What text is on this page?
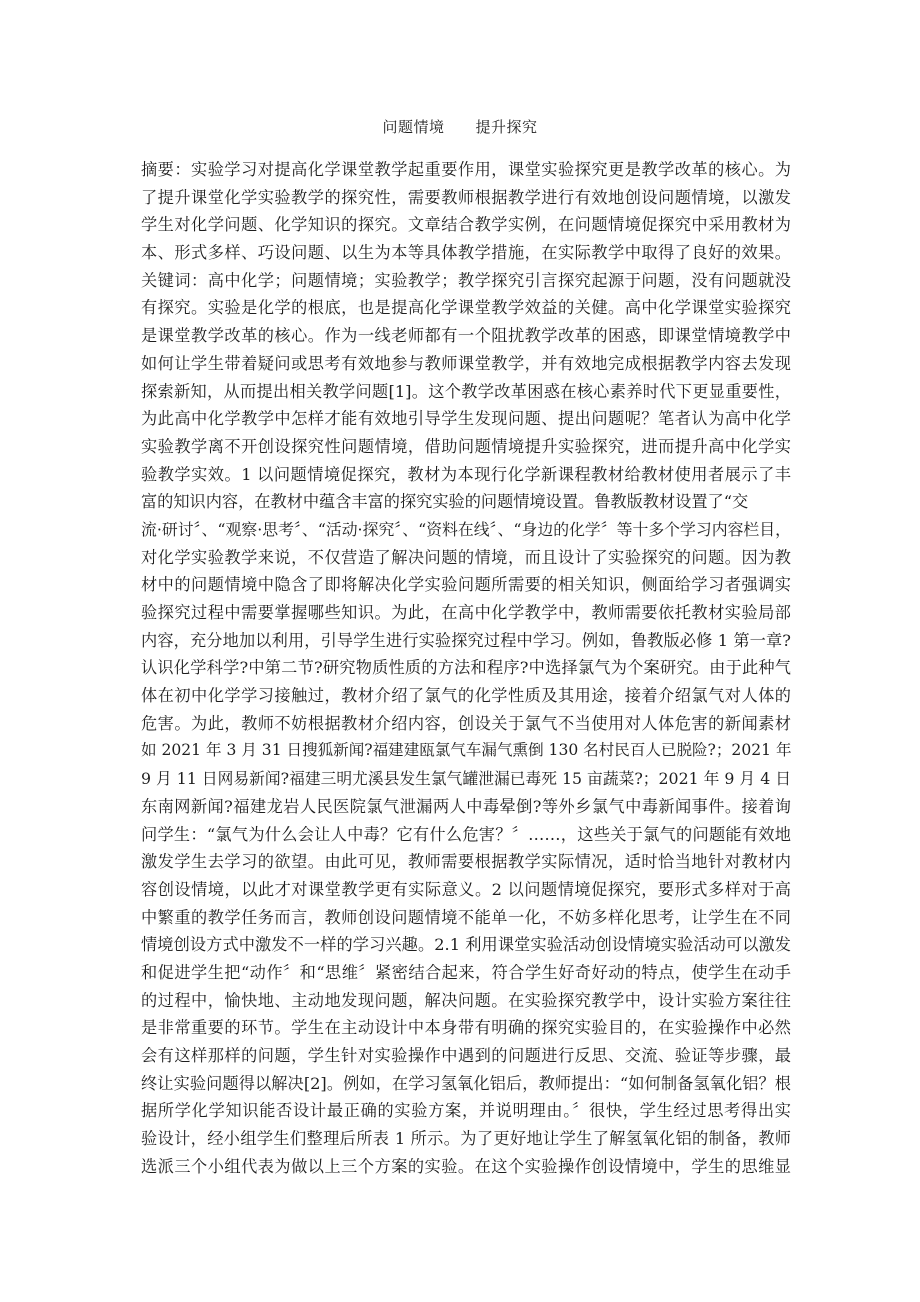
问题情境　　提升探究
摘要：实验学习对提高化学课堂教学起重要作用，课堂实验探究更是教学改革的核心。为
了提升课堂化学实验教学的探究性，需要教师根据教学进行有效地创设问题情境，以激发
学生对化学问题、化学知识的探究。文章结合教学实例，在问题情境促探究中采用教材为
本、形式多样、巧设问题、以生为本等具体教学措施，在实际教学中取得了良好的效果。
关键词：高中化学；问题情境；实验教学；教学探究引言探究起源于问题，没有问题就没
有探究。实验是化学的根底，也是提高化学课堂教学效益的关健。高中化学课堂实验探究
是课堂教学改革的核心。作为一线老师都有一个阻扰教学改革的困惑，即课堂情境教学中
如何让学生带着疑问或思考有效地参与教师课堂教学，并有效地完成根据教学内容去发现
探索新知，从而提出相关教学问题[1]。这个教学改革困惑在核心素养时代下更显重要性，
为此高中化学教学中怎样才能有效地引导学生发现问题、提出问题呢？笔者认为高中化学
实验教学离不开创设探究性问题情境，借助问题情境提升实验探究，进而提升高中化学实
验教学实效。1 以问题情境促探究，教材为本现行化学新课程教材给教材使用者展示了丰
富的知识内容，在教材中蕴含丰富的探究实验的问题情境设置。鲁教版教材设置了“交
流·研讨〞、“观察·思考〞、“活动·探究〞、“资料在线〞、“身边的化学〞等十多个学习内容栏目，
对化学实验教学来说，不仅营造了解决问题的情境，而且设计了实验探究的问题。因为教
材中的问题情境中隐含了即将解决化学实验问题所需要的相关知识，侧面给学习者强调实
验探究过程中需要掌握哪些知识。为此，在高中化学教学中，教师需要依托教材实验局部
内容，充分地加以利用，引导学生进行实验探究过程中学习。例如，鲁教版必修 1 第一章?
认识化学科学?中第二节?研究物质性质的方法和程序?中选择氯气为个案研究。由于此种气
体在初中化学学习接触过，教材介绍了氯气的化学性质及其用途，接着介绍氯气对人体的
危害。为此，教师不妨根据教材介绍内容，创设关于氯气不当使用对人体危害的新闻素材
如 2021 年 3 月 31 日搜狐新闻?福建建瓯氯气车漏气熏倒 130 名村民百人已脱险?；2021 年
9 月 11 日网易新闻?福建三明尤溪县发生氯气罐泄漏已毒死 15 亩蔬菜?；2021 年 9 月 4 日
东南网新闻?福建龙岩人民医院氯气泄漏两人中毒晕倒?等外乡氯气中毒新闻事件。接着询
问学生：“氯气为什么会让人中毒？它有什么危害？〞……，这些关于氯气的问题能有效地
激发学生去学习的欲望。由此可见，教师需要根据教学实际情况，适时恰当地针对教材内
容创设情境，以此才对课堂教学更有实际意义。2 以问题情境促探究，要形式多样对于高
中繁重的教学任务而言，教师创设问题情境不能单一化，不妨多样化思考，让学生在不同
情境创设方式中激发不一样的学习兴趣。2.1 利用课堂实验活动创设情境实验活动可以激发
和促进学生把“动作〞和“思维〞紧密结合起来，符合学生好奇好动的特点，使学生在动手
的过程中，愉快地、主动地发现问题，解决问题。在实验探究教学中，设计实验方案往往
是非常重要的环节。学生在主动设计中本身带有明确的探究实验目的，在实验操作中必然
会有这样那样的问题，学生针对实验操作中遇到的问题进行反思、交流、验证等步骤，最
终让实验问题得以解决[2]。例如，在学习氢氧化铝后，教师提出：“如何制备氢氧化铝？根
据所学化学知识能否设计最正确的实验方案，并说明理由。〞很快，学生经过思考得出实
验设计，经小组学生们整理后所表 1 所示。为了更好地让学生了解氢氧化铝的制备，教师
选派三个小组代表为做以上三个方案的实验。在这个实验操作创设情境中，学生的思维显
